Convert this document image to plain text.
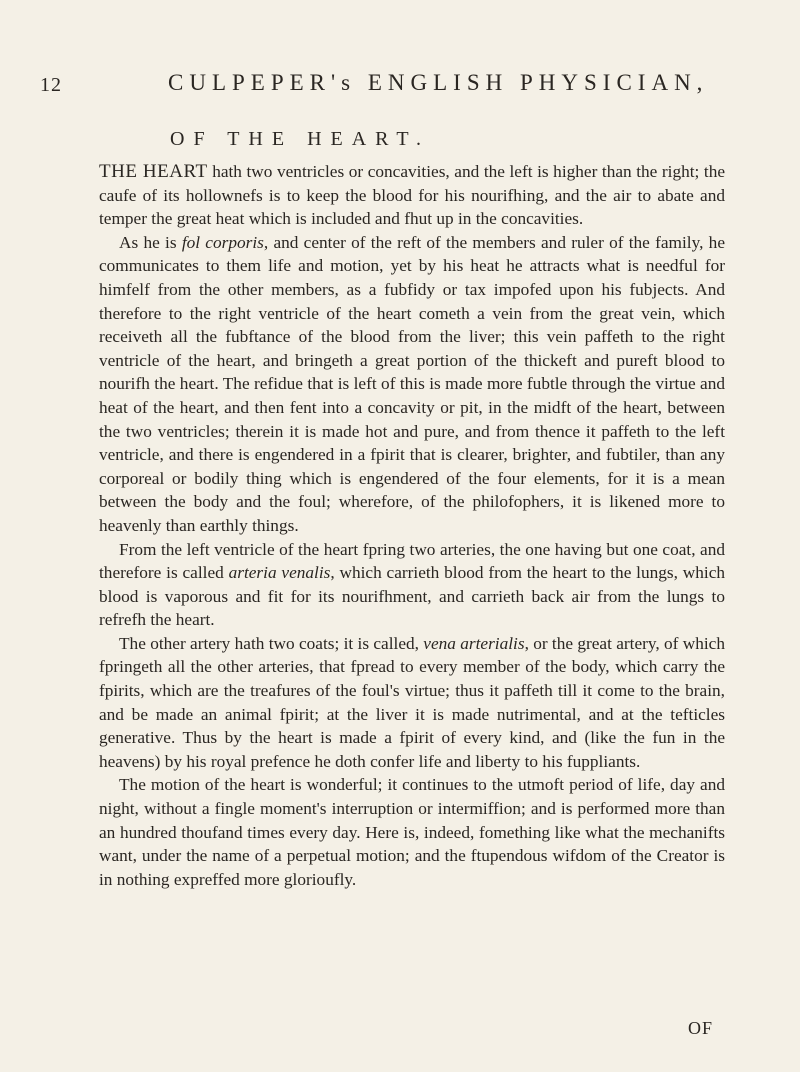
12	CULPEPER's ENGLISH PHYSICIAN,
OF THE HEART.

THE HEART hath two ventricles or concavities, and the left is higher than the right; the caufe of its hollownefs is to keep the blood for his nourifhing, and the air to abate and temper the great heat which is included and fhut up in the concavities.

As he is fol corporis, and center of the reft of the members and ruler of the family, he communicates to them life and motion, yet by his heat he attracts what is needful for himfelf from the other members, as a fubfidy or tax impofed upon his fubjects. And therefore to the right ventricle of the heart cometh a vein from the great vein, which receiveth all the fubftance of the blood from the liver; this vein paffeth to the right ventricle of the heart, and bringeth a great portion of the thickeft and pureft blood to nourifh the heart. The refidue that is left of this is made more fubtle through the virtue and heat of the heart, and then fent into a concavity or pit, in the midft of the heart, between the two ventricles; therein it is made hot and pure, and from thence it paffeth to the left ventricle, and there is engendered in a fpirit that is clearer, brighter, and fubtiler, than any corporeal or bodily thing which is engendered of the four elements, for it is a mean between the body and the foul; wherefore, of the philofophers, it is likened more to heavenly than earthly things.

From the left ventricle of the heart fpring two arteries, the one having but one coat, and therefore is called arteria venalis, which carrieth blood from the heart to the lungs, which blood is vaporous and fit for its nourifhment, and carrieth back air from the lungs to refrefh the heart.

The other artery hath two coats; it is called, vena arterialis, or the great artery, of which fpringeth all the other arteries, that fpread to every member of the body, which carry the fpirits, which are the treafures of the foul's virtue; thus it paffeth till it come to the brain, and be made an animal fpirit; at the liver it is made nutrimental, and at the tefticles generative. Thus by the heart is made a fpirit of every kind, and (like the fun in the heavens) by his royal prefence he doth confer life and liberty to his fuppliants.

The motion of the heart is wonderful; it continues to the utmoft period of life, day and night, without a fingle moment's interruption or intermiffion; and is performed more than an hundred thoufand times every day. Here is, indeed, fomething like what the mechanifts want, under the name of a perpetual motion; and the ftupendous wifdom of the Creator is in nothing expreffed more glorioufly.

OF
